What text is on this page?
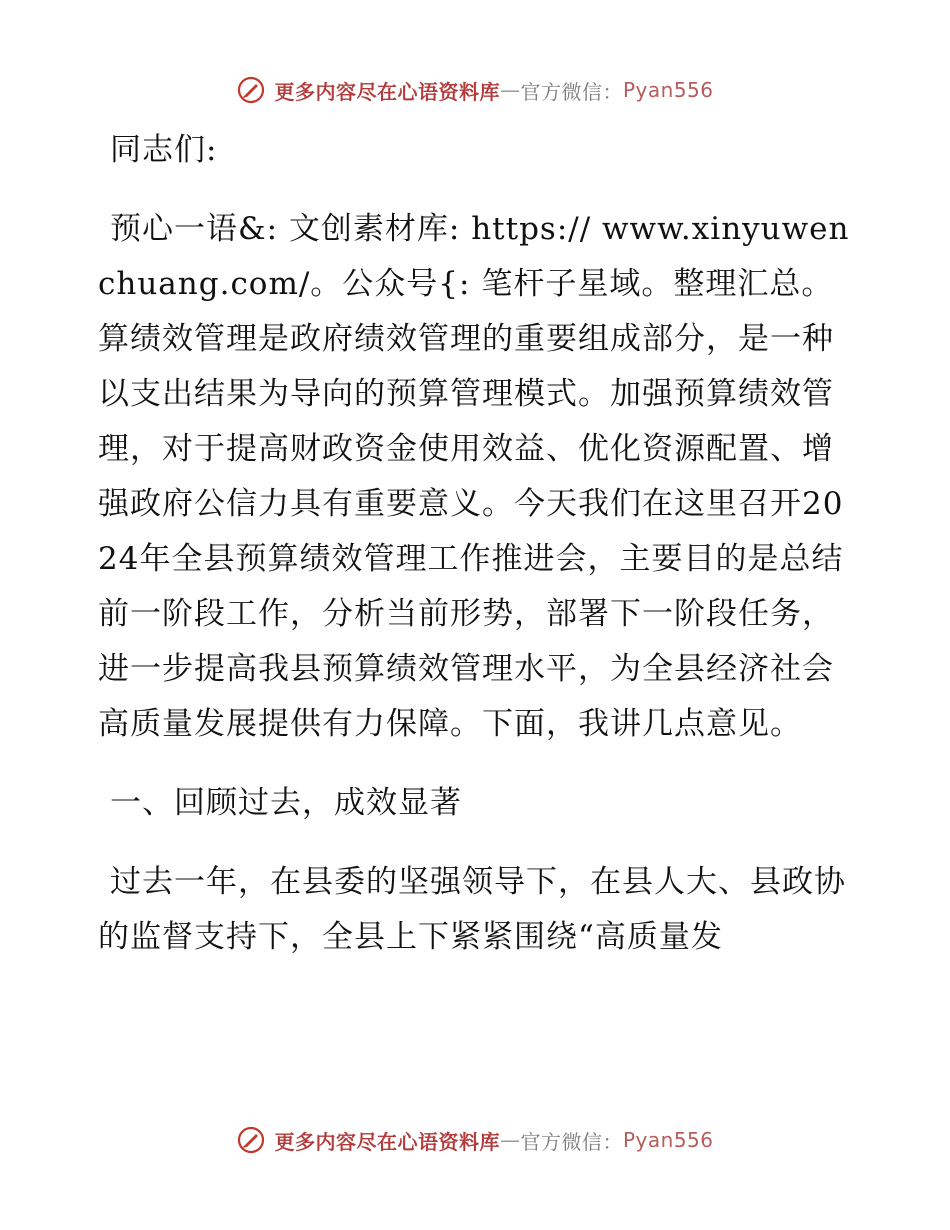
更多内容尽在心语资料库 — 官方微信： Pyan556

同志们:

预心一语&: 文创素材库: https:// www.xinyuwenchuang.com/。公众号{: 笔杆子星域。整理汇总。算绩效管理是政府绩效管理的重要组成部分，是一种以支出结果为导向的预算管理模式。加强预算绩效管理，对于提高财政资金使用效益、优化资源配置、增强政府公信力具有重要意义。今天我们在这里召开2024年全县预算绩效管理工作推进会，主要目的是总结前一阶段工作，分析当前形势，部署下一阶段任务，进一步提高我县预算绩效管理水平，为全县经济社会高质量发展提供有力保障。下面，我讲几点意见。

一、回顾过去，成效显著

过去一年，在县委的坚强领导下，在县人大、县政协的监督支持下，全县上下紧紧围绕“高质量发

更多内容尽在心语资料库 — 官方微信： Pyan556
